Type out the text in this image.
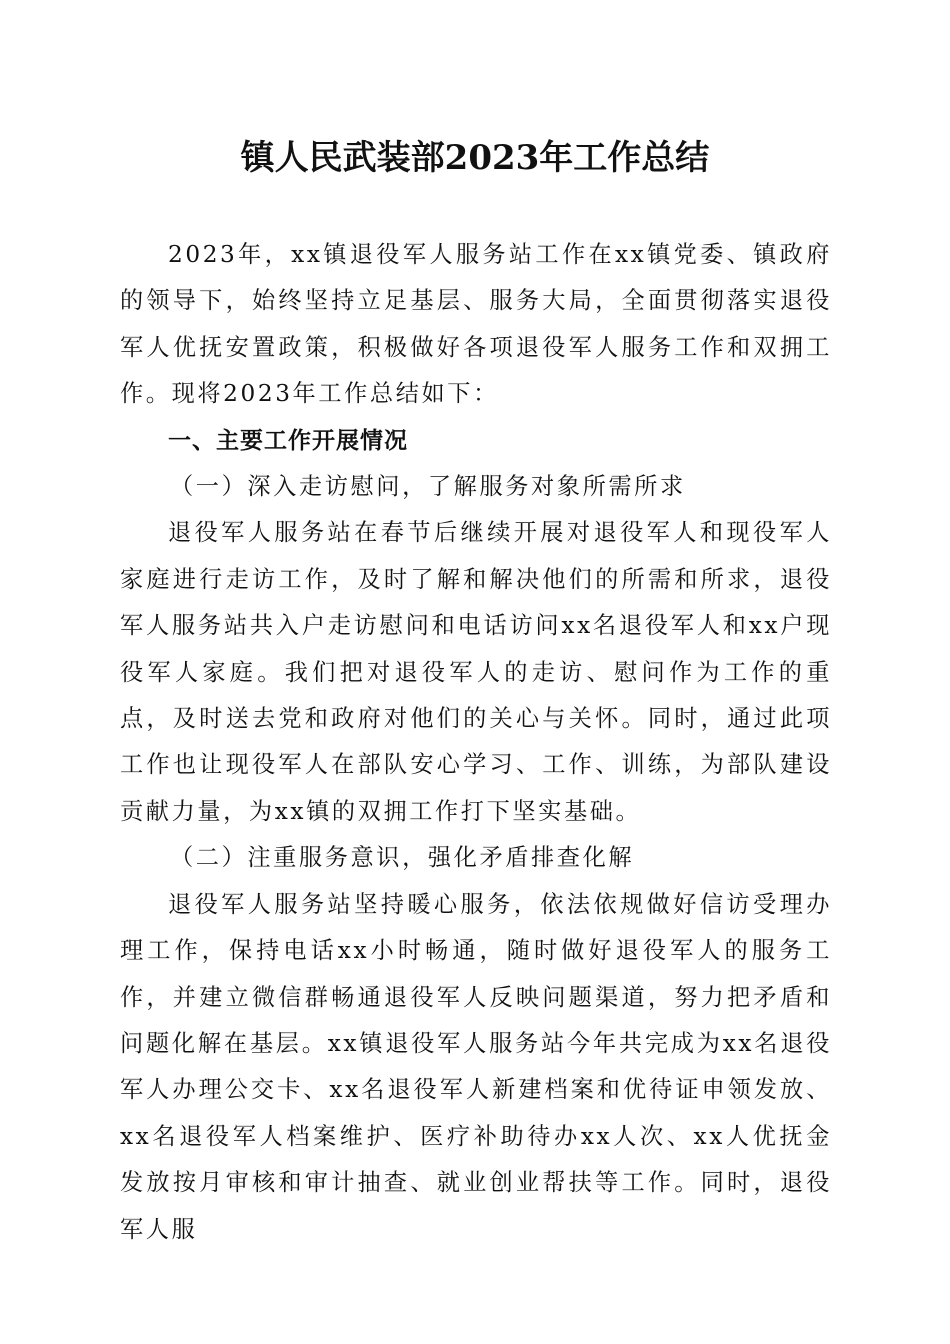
镇人民武装部2023年工作总结

2023年，xx镇退役军人服务站工作在xx镇党委、镇政府的领导下，始终坚持立足基层、服务大局，全面贯彻落实退役军人优抚安置政策，积极做好各项退役军人服务工作和双拥工作。现将2023年工作总结如下：

一、主要工作开展情况
（一）深入走访慰问，了解服务对象所需所求

退役军人服务站在春节后继续开展对退役军人和现役军人家庭进行走访工作，及时了解和解决他们的所需和所求，退役军人服务站共入户走访慰问和电话访问xx名退役军人和xx户现役军人家庭。我们把对退役军人的走访、慰问作为工作的重点，及时送去党和政府对他们的关心与关怀。同时，通过此项工作也让现役军人在部队安心学习、工作、训练，为部队建设贡献力量，为xx镇的双拥工作打下坚实基础。

（二）注重服务意识，强化矛盾排查化解

退役军人服务站坚持暖心服务，依法依规做好信访受理办理工作，保持电话xx小时畅通，随时做好退役军人的服务工作，并建立微信群畅通退役军人反映问题渠道，努力把矛盾和问题化解在基层。xx镇退役军人服务站今年共完成为xx名退役军人办理公交卡、xx名退役军人新建档案和优待证申领发放、xx名退役军人档案维护、医疗补助待办xx人次、xx人优抚金发放按月审核和审计抽查、就业创业帮扶等工作。同时，退役军人服
